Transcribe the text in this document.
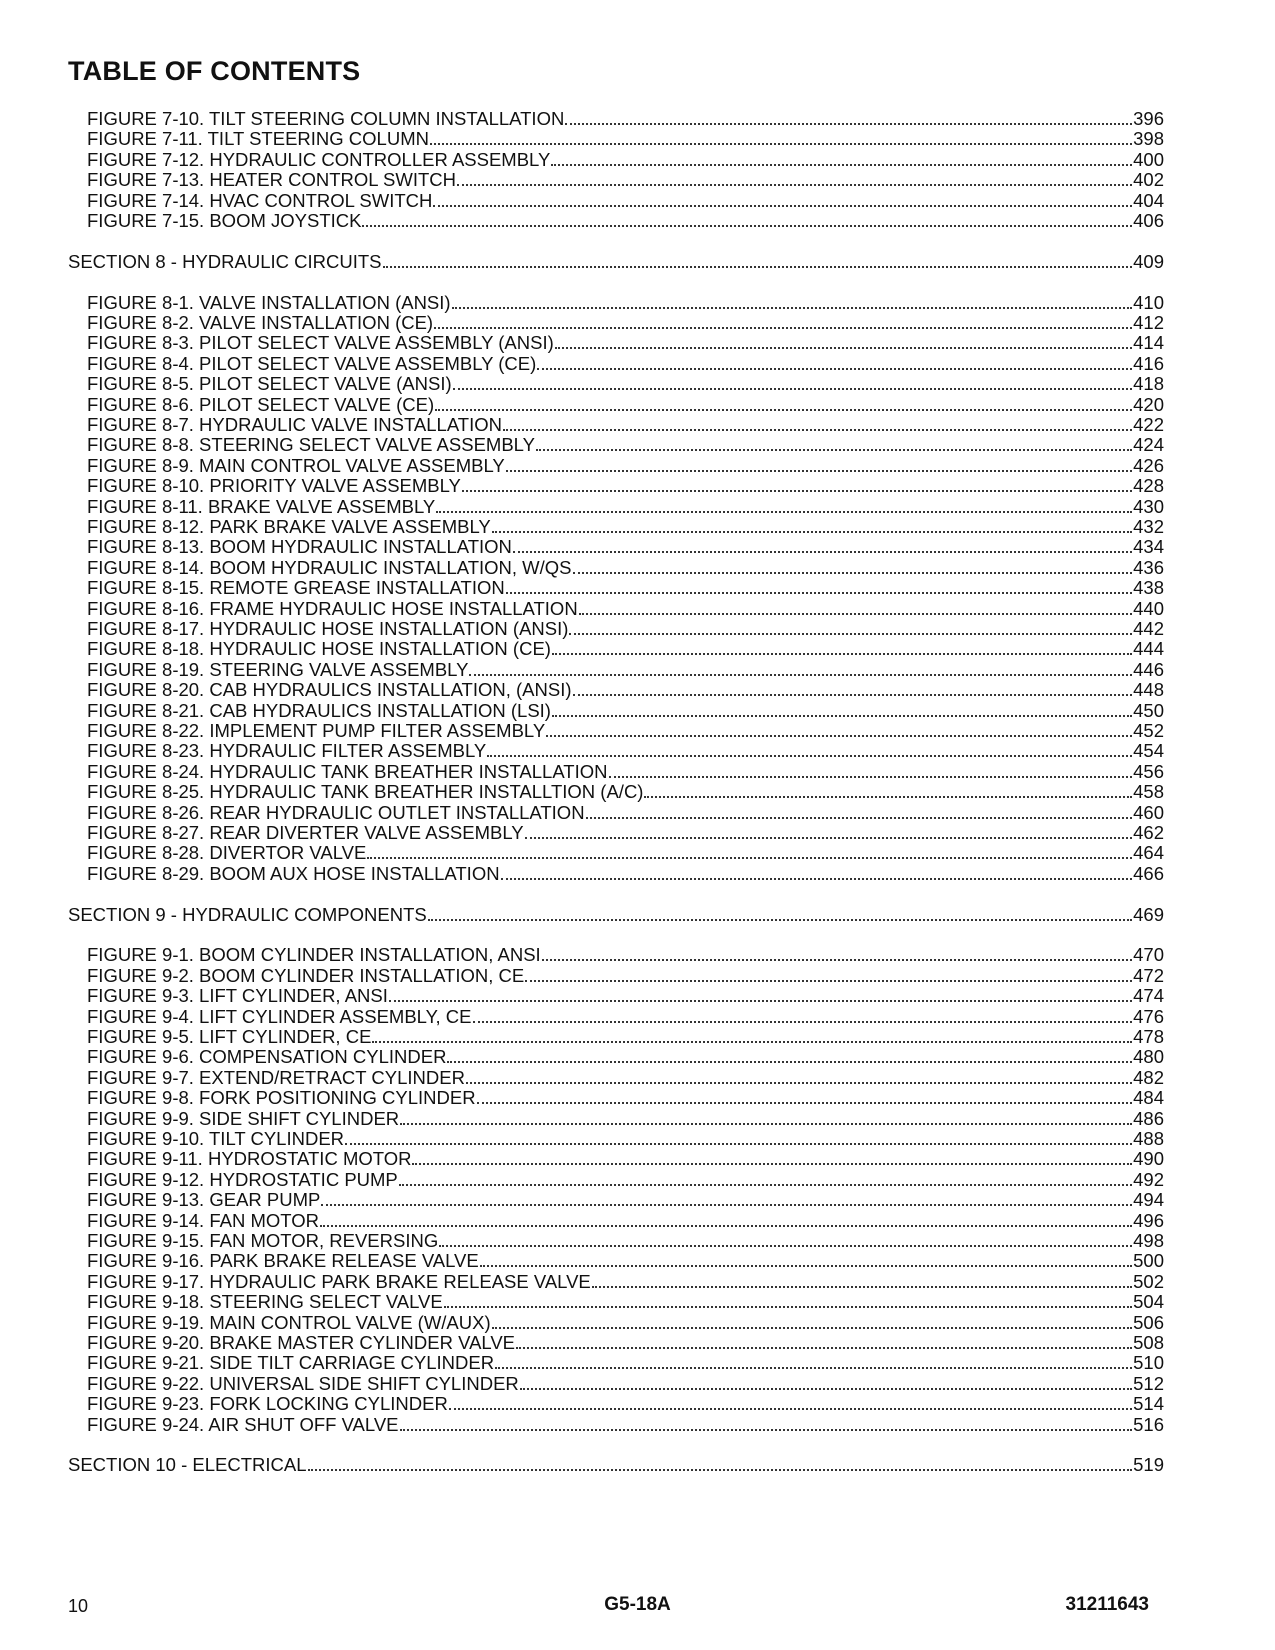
TABLE OF CONTENTS
FIGURE 7-10. TILT STEERING COLUMN INSTALLATION	396
FIGURE 7-11. TILT STEERING COLUMN	398
FIGURE 7-12. HYDRAULIC CONTROLLER ASSEMBLY	400
FIGURE 7-13. HEATER CONTROL SWITCH	402
FIGURE 7-14. HVAC CONTROL SWITCH	404
FIGURE 7-15. BOOM JOYSTICK	406
SECTION 8 - HYDRAULIC CIRCUITS	409
FIGURE 8-1. VALVE INSTALLATION (ANSI)	410
FIGURE 8-2. VALVE INSTALLATION (CE)	412
FIGURE 8-3. PILOT SELECT VALVE ASSEMBLY (ANSI)	414
FIGURE 8-4. PILOT SELECT VALVE ASSEMBLY (CE)	416
FIGURE 8-5. PILOT SELECT VALVE (ANSI)	418
FIGURE 8-6. PILOT SELECT VALVE (CE)	420
FIGURE 8-7. HYDRAULIC VALVE INSTALLATION	422
FIGURE 8-8. STEERING SELECT VALVE ASSEMBLY	424
FIGURE 8-9. MAIN CONTROL VALVE ASSEMBLY	426
FIGURE 8-10. PRIORITY VALVE ASSEMBLY	428
FIGURE 8-11. BRAKE VALVE ASSEMBLY	430
FIGURE 8-12. PARK BRAKE VALVE ASSEMBLY	432
FIGURE 8-13. BOOM HYDRAULIC INSTALLATION	434
FIGURE 8-14. BOOM HYDRAULIC INSTALLATION, W/QS	436
FIGURE 8-15. REMOTE GREASE INSTALLATION	438
FIGURE 8-16. FRAME HYDRAULIC HOSE INSTALLATION	440
FIGURE 8-17. HYDRAULIC HOSE INSTALLATION (ANSI)	442
FIGURE 8-18. HYDRAULIC HOSE INSTALLATION (CE)	444
FIGURE 8-19. STEERING VALVE ASSEMBLY	446
FIGURE 8-20. CAB HYDRAULICS INSTALLATION, (ANSI)	448
FIGURE 8-21. CAB HYDRAULICS INSTALLATION (LSI)	450
FIGURE 8-22. IMPLEMENT PUMP FILTER ASSEMBLY	452
FIGURE 8-23. HYDRAULIC FILTER ASSEMBLY	454
FIGURE 8-24. HYDRAULIC TANK BREATHER INSTALLATION	456
FIGURE 8-25. HYDRAULIC TANK BREATHER INSTALLTION (A/C)	458
FIGURE 8-26. REAR HYDRAULIC OUTLET INSTALLATION	460
FIGURE 8-27. REAR DIVERTER VALVE ASSEMBLY	462
FIGURE 8-28. DIVERTOR VALVE	464
FIGURE 8-29. BOOM AUX HOSE INSTALLATION	466
SECTION 9 - HYDRAULIC COMPONENTS	469
FIGURE 9-1. BOOM CYLINDER INSTALLATION, ANSI	470
FIGURE 9-2. BOOM CYLINDER INSTALLATION, CE	472
FIGURE 9-3. LIFT CYLINDER, ANSI	474
FIGURE 9-4. LIFT CYLINDER ASSEMBLY, CE	476
FIGURE 9-5. LIFT CYLINDER, CE	478
FIGURE 9-6. COMPENSATION CYLINDER	480
FIGURE 9-7. EXTEND/RETRACT CYLINDER	482
FIGURE 9-8. FORK POSITIONING CYLINDER	484
FIGURE 9-9. SIDE SHIFT CYLINDER	486
FIGURE 9-10. TILT CYLINDER	488
FIGURE 9-11. HYDROSTATIC MOTOR	490
FIGURE 9-12. HYDROSTATIC PUMP	492
FIGURE 9-13. GEAR PUMP	494
FIGURE 9-14. FAN MOTOR	496
FIGURE 9-15. FAN MOTOR, REVERSING	498
FIGURE 9-16. PARK BRAKE RELEASE VALVE	500
FIGURE 9-17. HYDRAULIC PARK BRAKE RELEASE VALVE	502
FIGURE 9-18. STEERING SELECT VALVE	504
FIGURE 9-19. MAIN CONTROL VALVE (W/AUX)	506
FIGURE 9-20. BRAKE MASTER CYLINDER VALVE	508
FIGURE 9-21. SIDE TILT CARRIAGE CYLINDER	510
FIGURE 9-22. UNIVERSAL SIDE SHIFT CYLINDER	512
FIGURE 9-23. FORK LOCKING CYLINDER	514
FIGURE 9-24. AIR SHUT OFF VALVE	516
SECTION 10 - ELECTRICAL	519
10	G5-18A	31211643
